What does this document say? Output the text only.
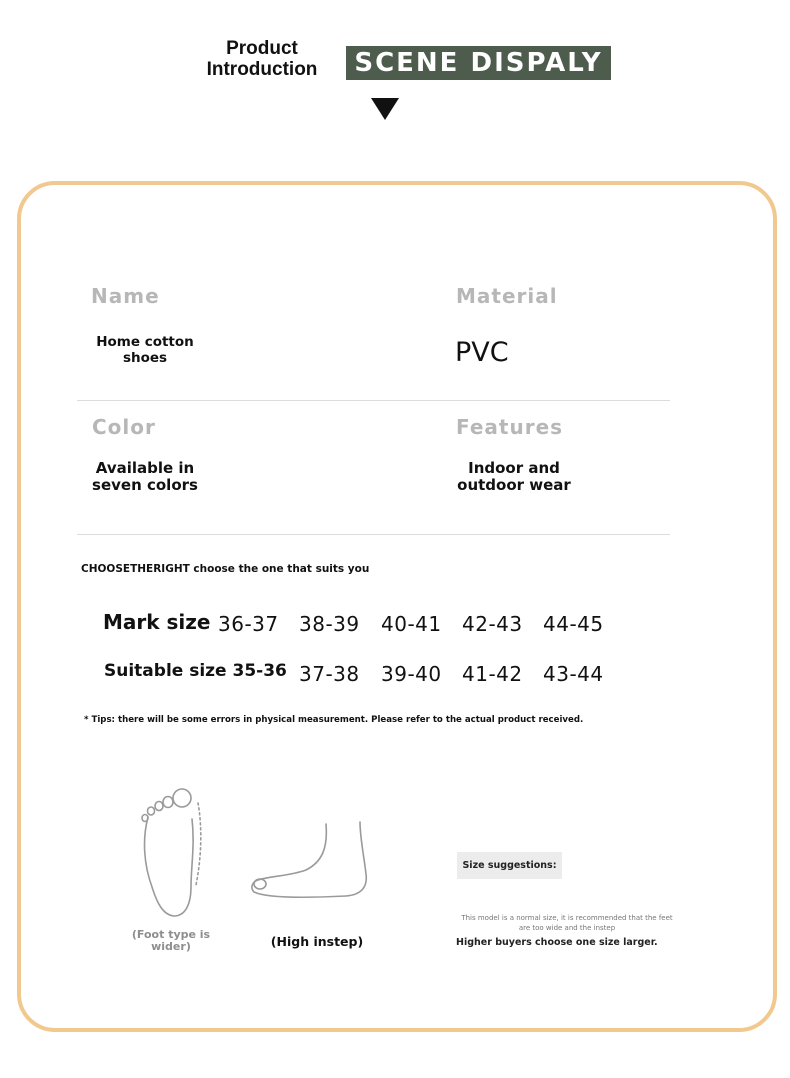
Product Introduction	SCENE DISPALY
Name
Home cotton shoes
Material
PVC
Color
Available in seven colors
Features
Indoor and outdoor wear
CHOOSETHERIGHT choose the one that suits you
Mark size 36-37 38-39 40-41 42-43 44-45
Suitable size 35-36 37-38 39-40 41-42 43-44
* Tips: there will be some errors in physical measurement. Please refer to the actual product received.
(Foot type is wider)	(High instep)
Size suggestions:
This model is a normal size, it is recommended that the feet are too wide and the instep
Higher buyers choose one size larger.
